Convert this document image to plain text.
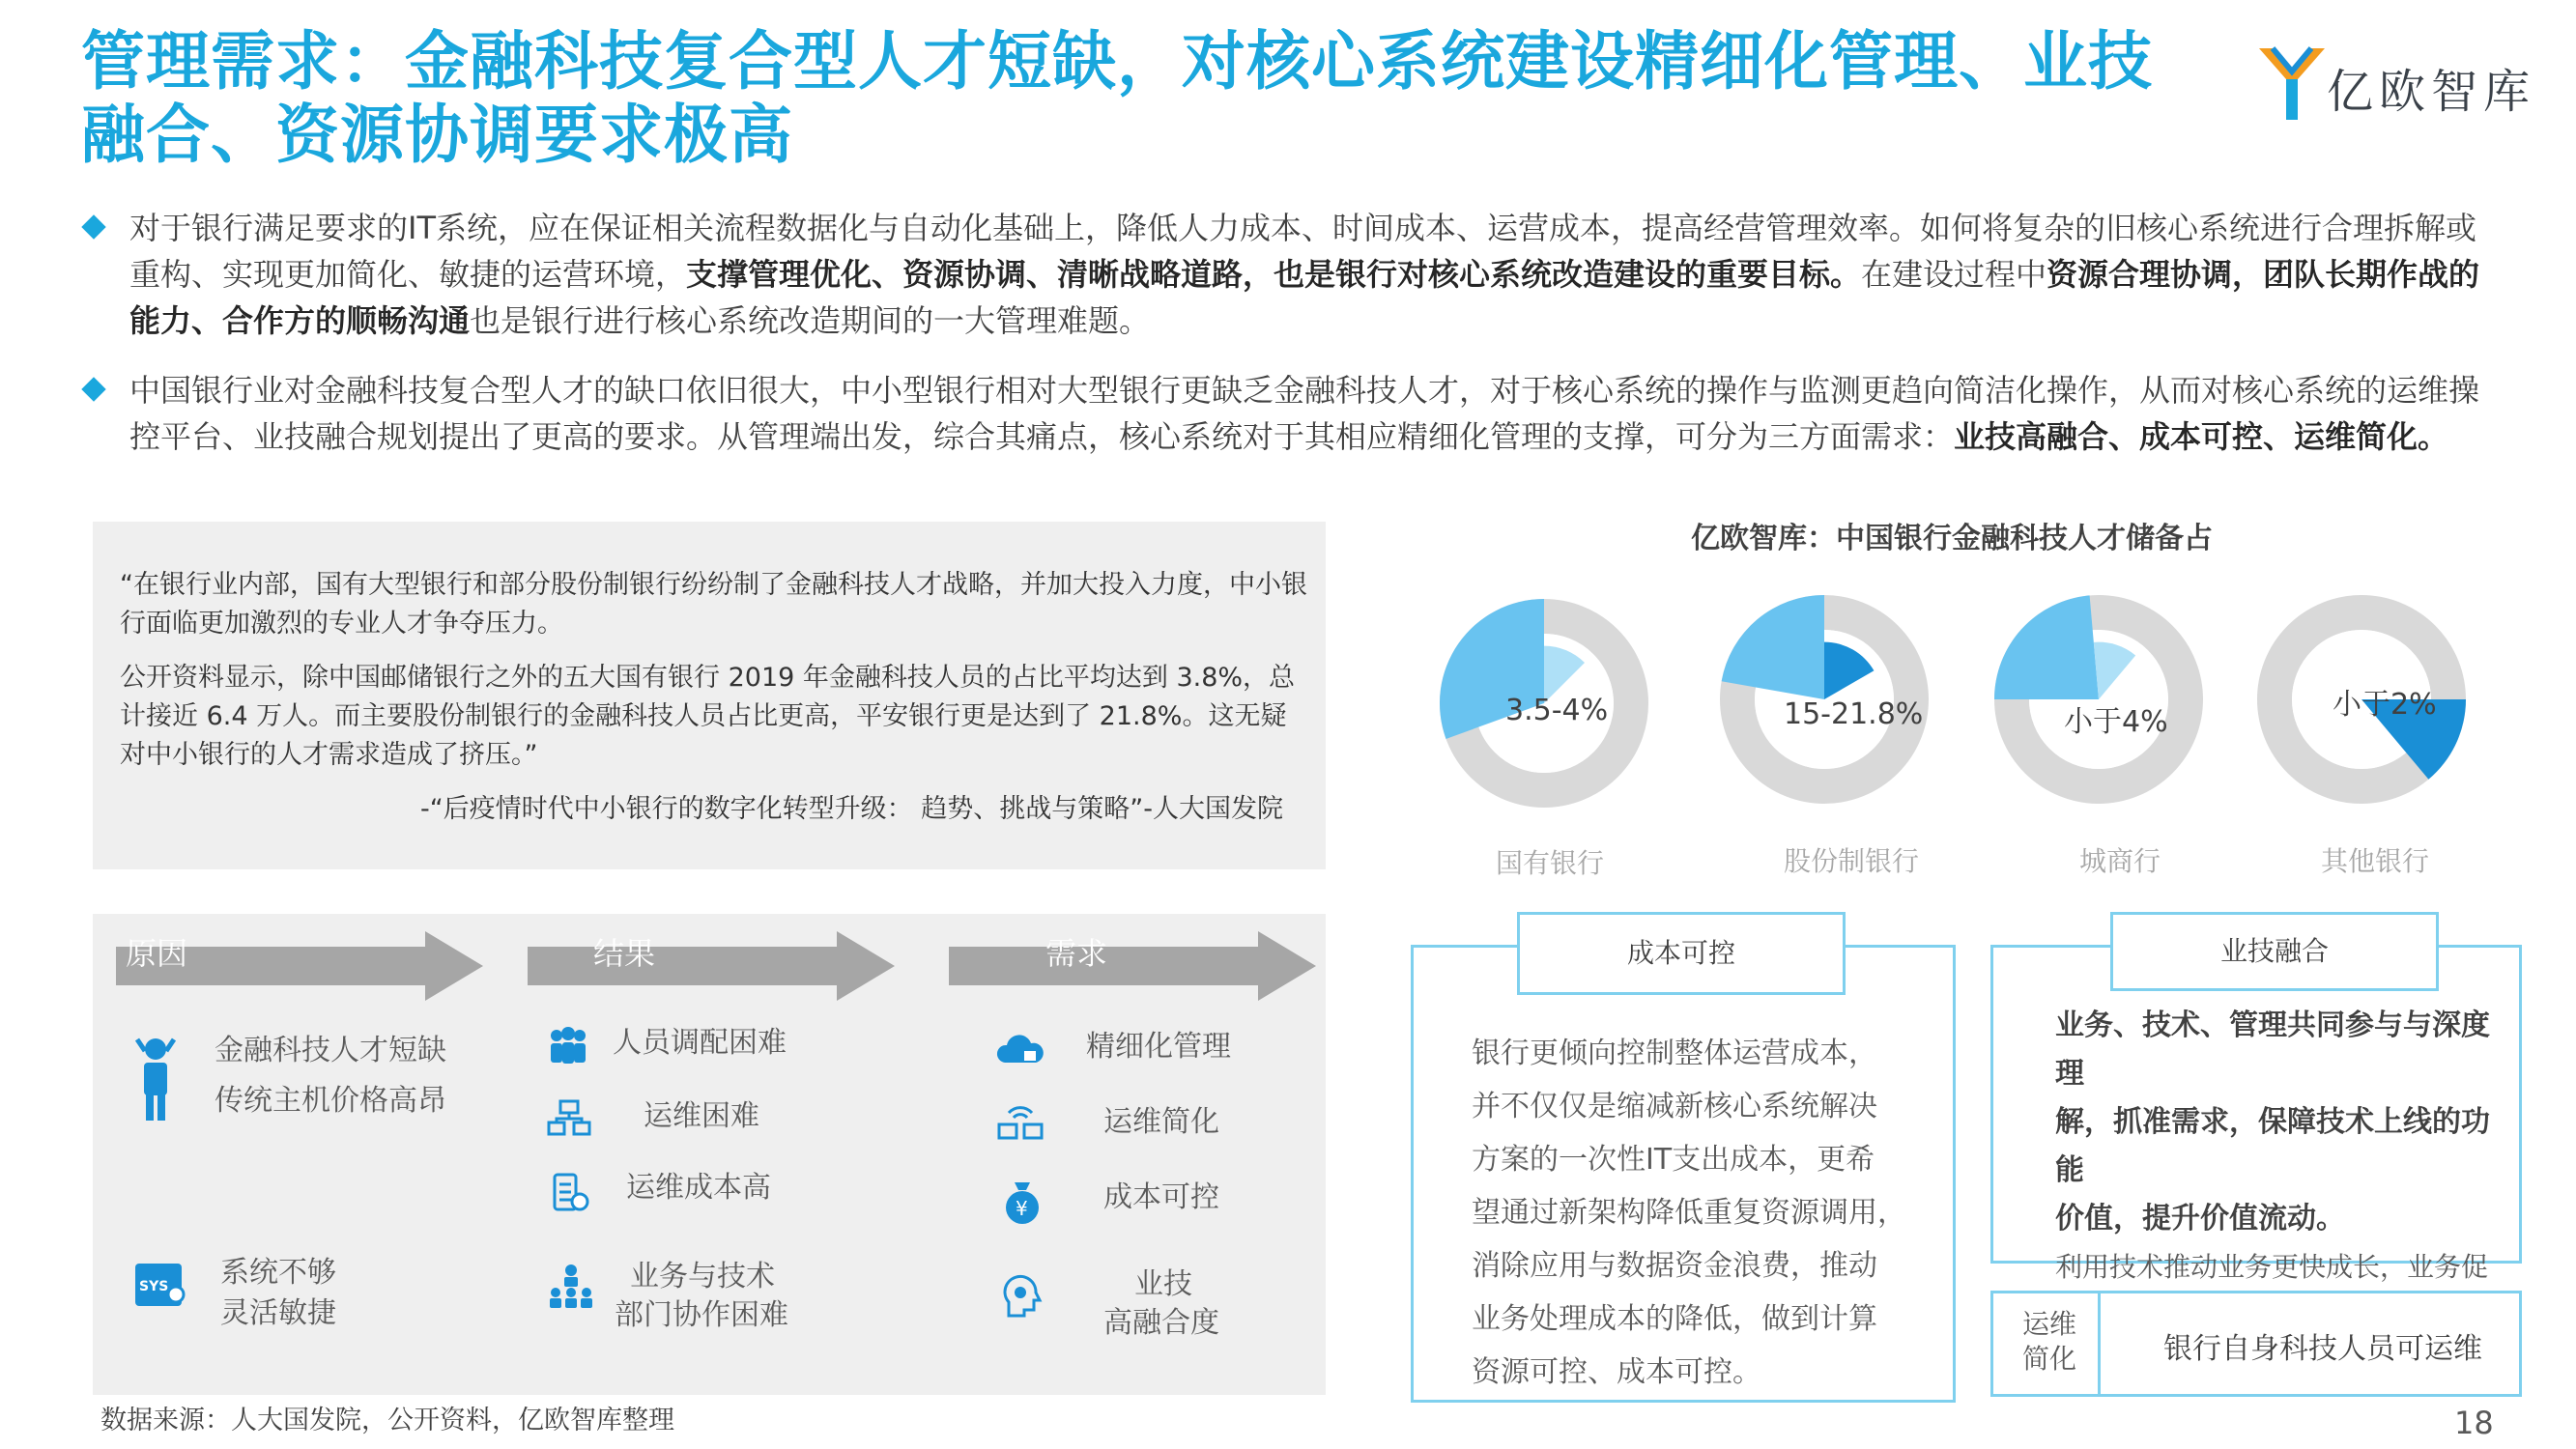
管理需求：金融科技复合型人才短缺，对核心系统建设精细化管理、业技
融合、资源协调要求极高
亿欧智库
对于银行满足要求的IT系统，应在保证相关流程数据化与自动化基础上，降低人力成本、时间成本、运营成本，提高经营管理效率。如何将复杂的旧核心系统进行合理拆解或重构、实现更加简化、敏捷的运营环境，支撑管理优化、资源协调、清晰战略道路，也是银行对核心系统改造建设的重要目标。在建设过程中资源合理协调，团队长期作战的能力、合作方的顺畅沟通也是银行进行核心系统改造期间的一大管理难题。
中国银行业对金融科技复合型人才的缺口依旧很大，中小型银行相对大型银行更缺乏金融科技人才，对于核心系统的操作与监测更趋向简洁化操作，从而对核心系统的运维操控平台、业技融合规划提出了更高的要求。从管理端出发，综合其痛点，核心系统对于其相应精细化管理的支撑，可分为三方面需求：业技高融合、成本可控、运维简化。

“在银行业内部，国有大型银行和部分股份制银行纷纷制了金融科技人才战略，并加大投入力度，中小银行面临更加激烈的专业人才争夺压力。

公开资料显示，除中国邮储银行之外的五大国有银行 2019 年金融科技人员的占比平均达到 3.8%，总计接近 6.4 万人。而主要股份制银行的金融科技人员占比更高，平安银行更是达到了 21.8%。这无疑对中小银行的人才需求造成了挤压。”

-“后疫情时代中小银行的数字化转型升级： 趋势、挑战与策略”-人大国发院

原因	结果	需求
金融科技人才短缺
传统主机价格高昂
SYS 系统不够
灵活敏捷
人员调配困难
运维困难
运维成本高
业务与技术
部门协作困难
精细化管理
运维简化
¥	成本可控
业技
高融合度
亿欧智库：中国银行金融科技人才储备占
3.5-4%	15-21.8%	小于4%
小于2%
国有银行	股份制银行	城商行	其他银行
银行更倾向控制整体运营成本，
并不仅仅是缩减新核心系统解决
方案的一次性IT支出成本，更希
望通过新架构降低重复资源调用，
消除应用与数据资金浪费，推动
业务处理成本的降低，做到计算
资源可控、成本可控。
成本可控
业务、技术、管理共同参与与深度理
解，抓准需求，保障技术上线的功能
价值，提升价值流动。
利用技术推动业务更快成长，业务促
业技融合
运维
简化	银行自身科技人员可运维
数据来源：人大国发院，公开资料，亿欧智库整理	18
